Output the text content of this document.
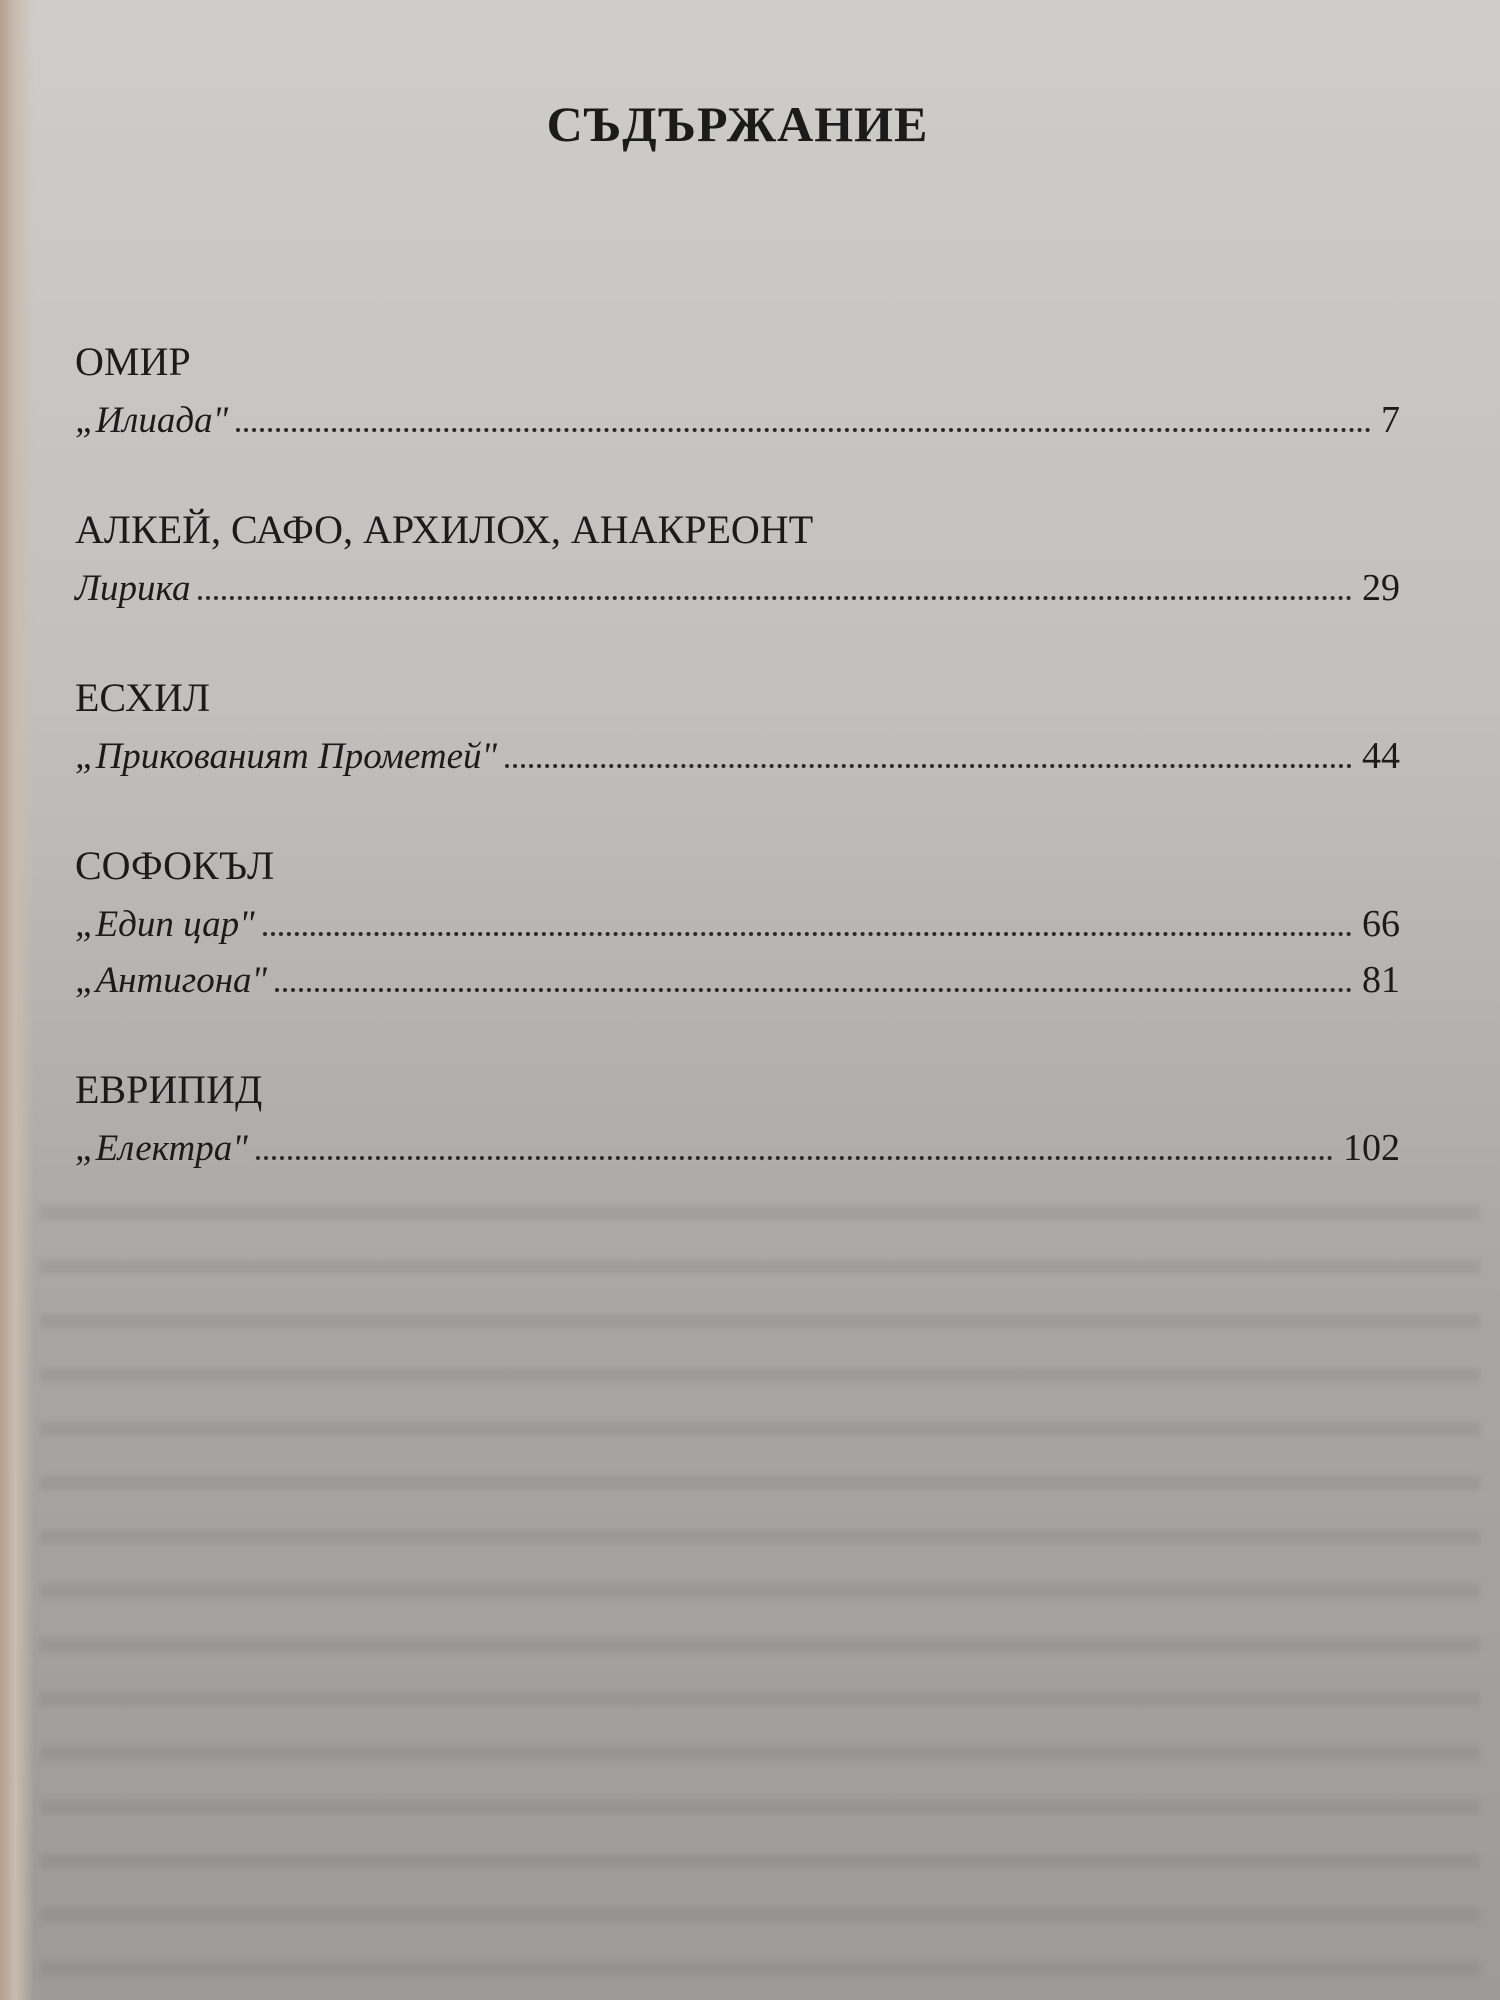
СЪДЪРЖАНИЕ
ОМИР
„Илиада"	7
АЛКЕЙ, САФО, АРХИЛОХ, АНАКРЕОНТ
Лирика	29
ЕСХИЛ
„Прикованият Прометей"	44
СОФОКЪЛ
„Едип цар"	66
„Антигона"	81
ЕВРИПИД
„Електра"	102
